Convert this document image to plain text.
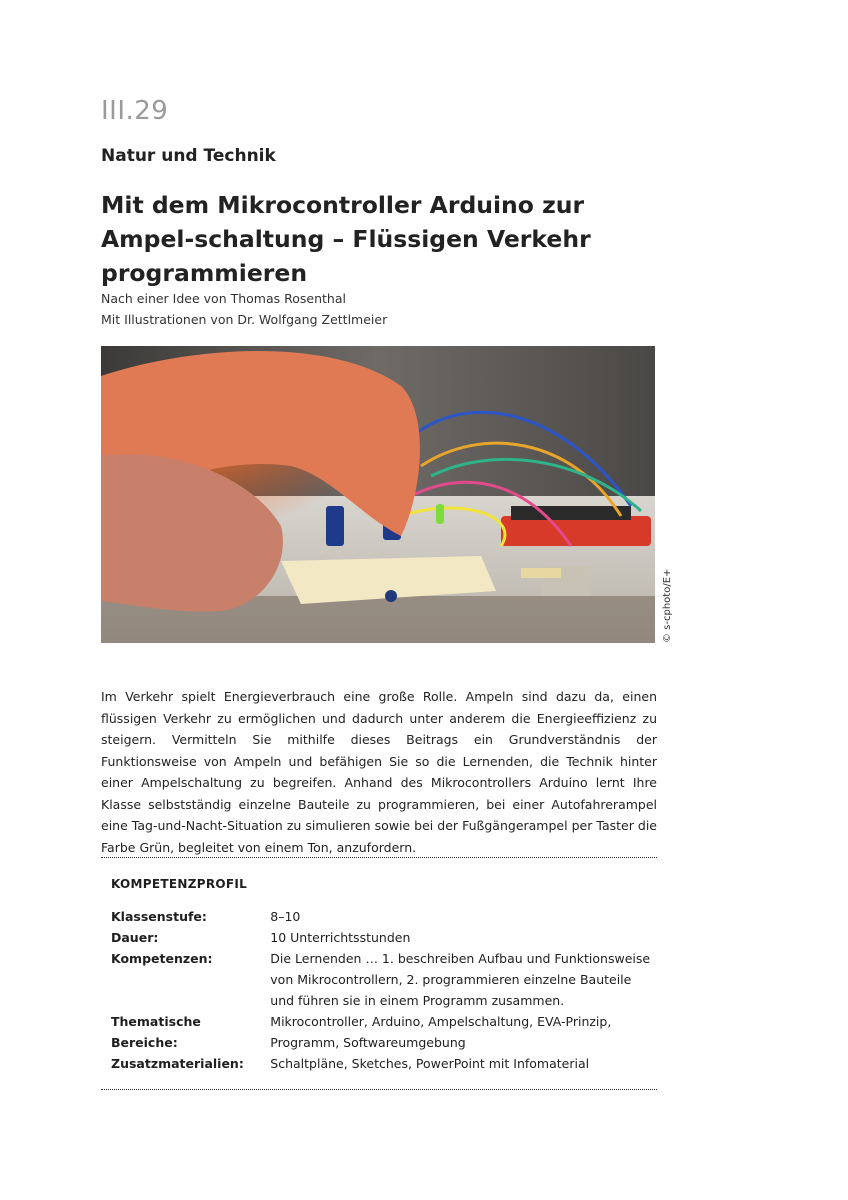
III.29
Natur und Technik
Mit dem Mikrocontroller Arduino zur Ampel-schaltung – Flüssigen Verkehr programmieren
Nach einer Idee von Thomas Rosenthal
Mit Illustrationen von Dr. Wolfgang Zettlmeier
© s-cphoto/E+
Im Verkehr spielt Energieverbrauch eine große Rolle. Ampeln sind dazu da, einen flüssigen Verkehr zu ermöglichen und dadurch unter anderem die Energieeffizienz zu steigern. Vermitteln Sie mithilfe dieses Beitrags ein Grundverständnis der Funktionsweise von Ampeln und befähigen Sie so die Lernenden, die Technik hinter einer Ampelschaltung zu begreifen. Anhand des Mikrocontrollers Arduino lernt Ihre Klasse selbstständig einzelne Bauteile zu programmieren, bei einer Autofahrerampel eine Tag-und-Nacht-Situation zu simulieren sowie bei der Fußgängerampel per Taster die Farbe Grün, begleitet von einem Ton, anzufordern.
KOMPETENZPROFIL
Klassenstufe:	8–10
Dauer:	10 Unterrichtsstunden
Kompetenzen:	Die Lernenden … 1. beschreiben Aufbau und Funktionsweise von Mikrocontrollern, 2. programmieren einzelne Bauteile und führen sie in einem Programm zusammen.
Thematische Bereiche:	Mikrocontroller, Arduino, Ampelschaltung, EVA-Prinzip, Programm, Softwareumgebung
Zusatzmaterialien:	Schaltpläne, Sketches, PowerPoint mit Infomaterial
